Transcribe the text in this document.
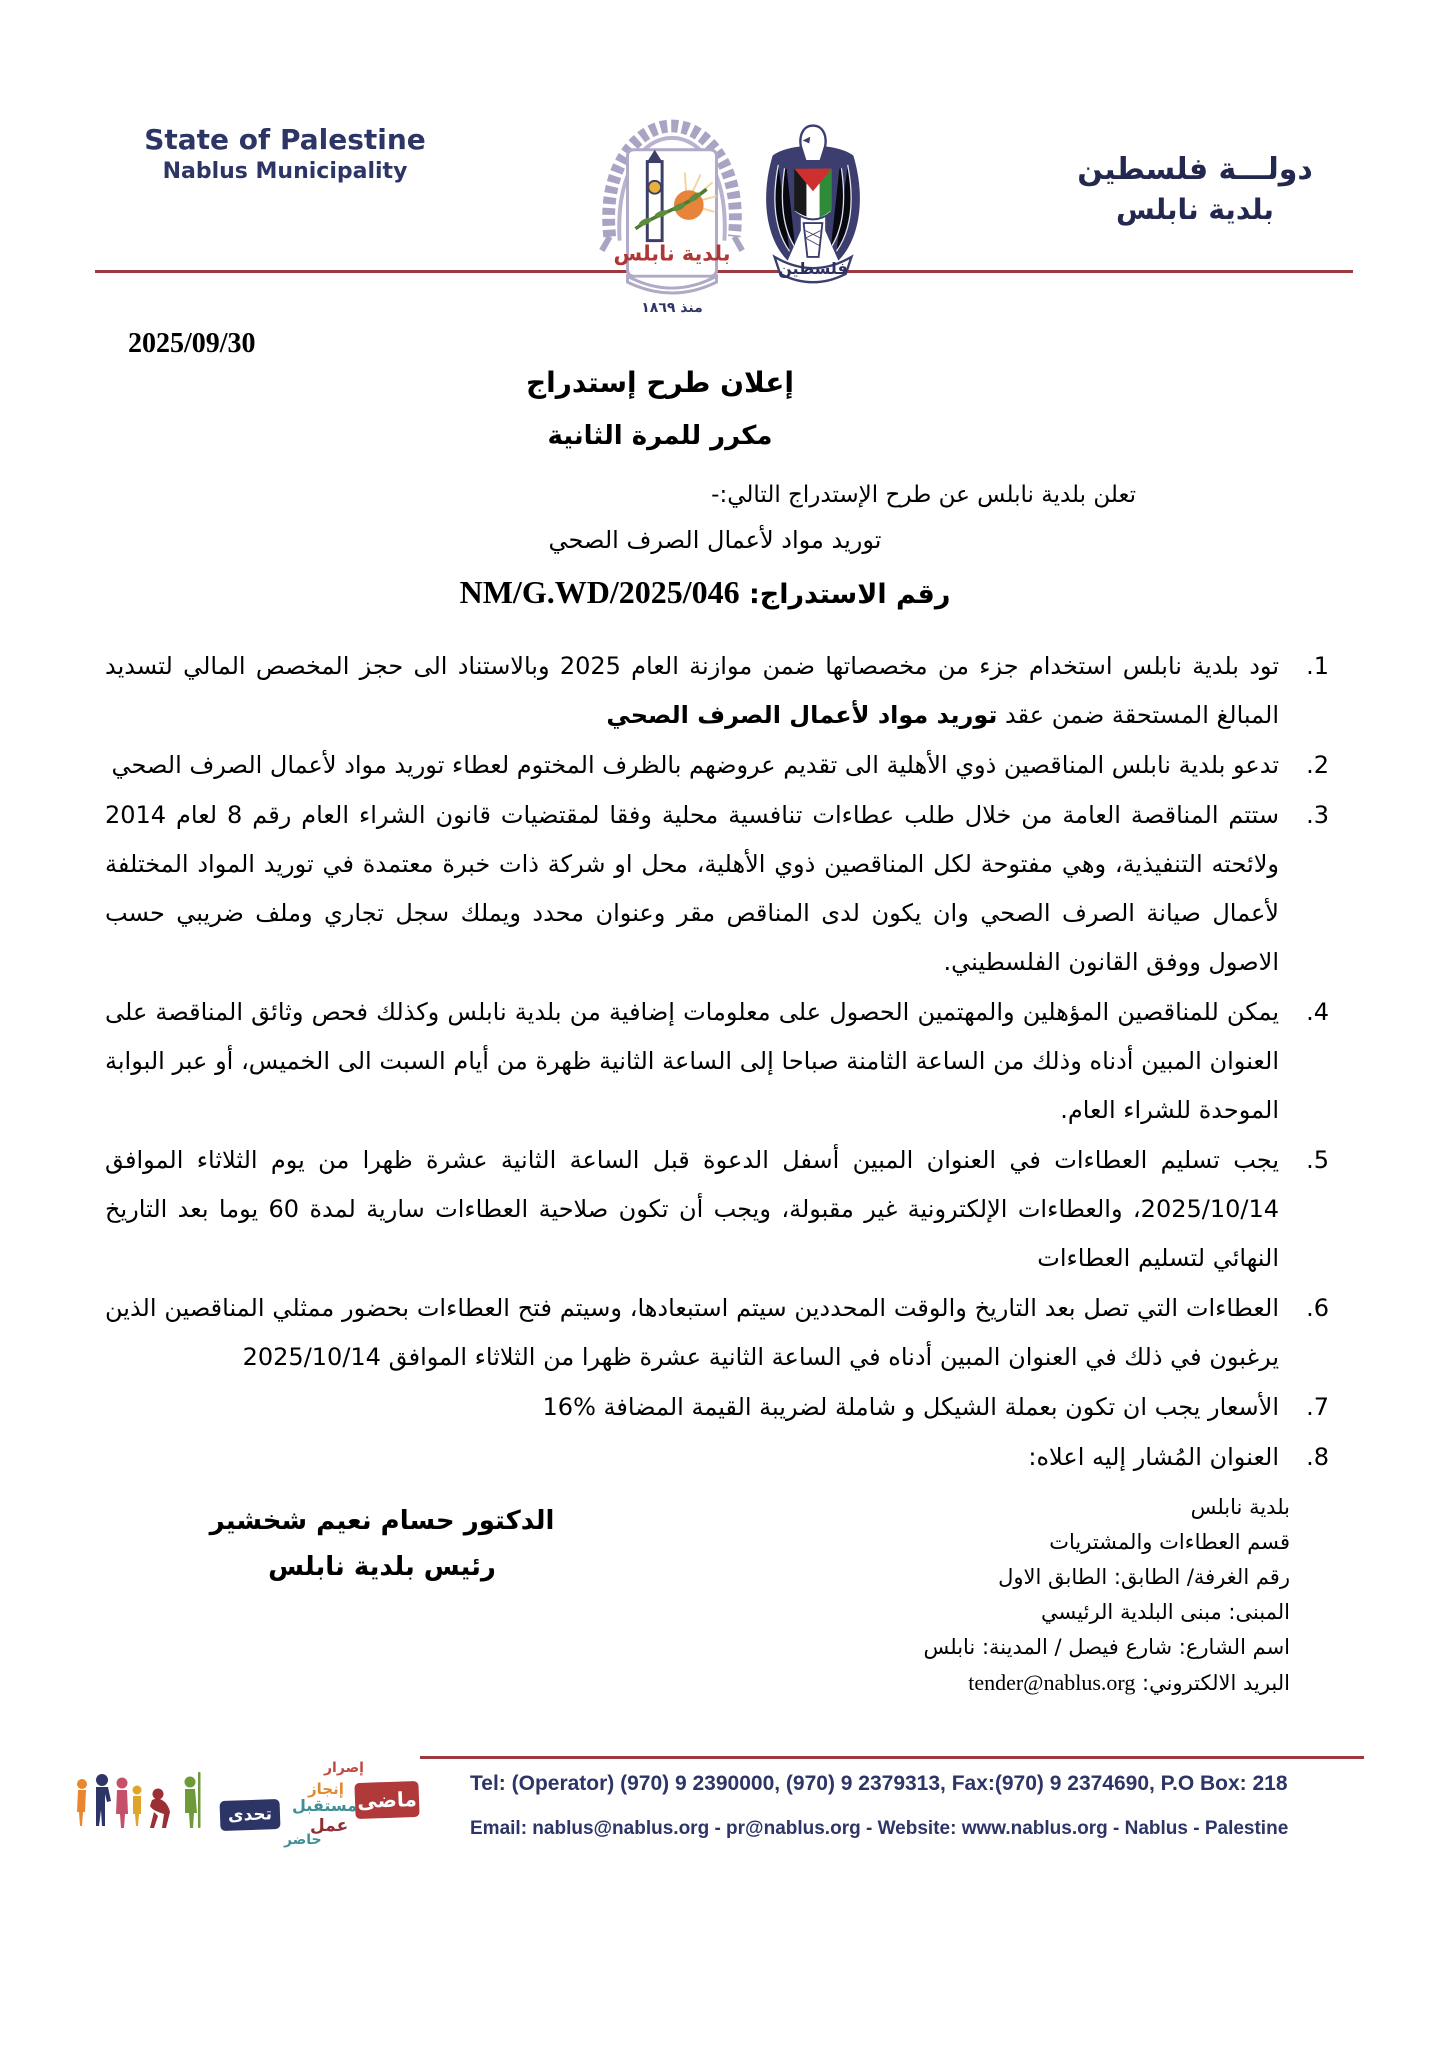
State of Palestine
Nablus Municipality	دولـــة فلسطين
بلدية نابلس
بلدية نابلس
فلسطين
منذ ١٨٦٩
2025/09/30
إعلان طرح إستدراج
مكرر للمرة الثانية
تعلن بلدية نابلس عن طرح الإستدراج التالي:-
توريد مواد لأعمال الصرف الصحي
رقم الاستدراج: NM/G.WD/2025/046

1.
تود بلدية نابلس استخدام جزء من مخصصاتها ضمن موازنة العام 2025 وبالاستناد الى حجز المخصص المالي لتسديد المبالغ المستحقة ضمن عقد توريد مواد لأعمال الصرف الصحي

2.
تدعو بلدية نابلس المناقصين ذوي الأهلية الى تقديم عروضهم بالظرف المختوم لعطاء توريد مواد لأعمال الصرف الصحي

3.
ستتم المناقصة العامة من خلال طلب عطاءات تنافسية محلية وفقا لمقتضيات قانون الشراء العام رقم 8 لعام 2014 ولائحته التنفيذية، وهي مفتوحة لكل المناقصين ذوي الأهلية، محل او شركة ذات خبرة معتمدة في توريد المواد المختلفة لأعمال صيانة الصرف الصحي وان يكون لدى المناقص مقر وعنوان محدد ويملك سجل تجاري وملف ضريبي حسب الاصول ووفق القانون الفلسطيني.

4.
يمكن للمناقصين المؤهلين والمهتمين الحصول على معلومات إضافية من بلدية نابلس وكذلك فحص وثائق المناقصة على العنوان المبين أدناه وذلك من الساعة الثامنة صباحا إلى الساعة الثانية ظهرة من أيام السبت الى الخميس، أو عبر البوابة الموحدة للشراء العام.

5.
يجب تسليم العطاءات في العنوان المبين أسفل الدعوة قبل الساعة الثانية عشرة ظهرا من يوم الثلاثاء الموافق 2025/10/14، والعطاءات الإلكترونية غير مقبولة، ويجب أن تكون صلاحية العطاءات سارية لمدة 60 يوما بعد التاريخ النهائي لتسليم العطاءات

6.
العطاءات التي تصل بعد التاريخ والوقت المحددين سيتم استبعادها، وسيتم فتح العطاءات بحضور ممثلي المناقصين الذين يرغبون في ذلك في العنوان المبين أدناه في الساعة الثانية عشرة ظهرا من الثلاثاء الموافق 2025/10/14

7.
الأسعار يجب ان تكون بعملة الشيكل و شاملة لضريبة القيمة المضافة %16

8.
العنوان المُشار إليه اعلاه:

بلدية نابلس
قسم العطاءات والمشتريات
رقم الغرفة/ الطابق: الطابق الاول
المبنى: مبنى البلدية الرئيسي
اسم الشارع: شارع فيصل / المدينة: نابلس
البريد الالكتروني: tender@nablus.org
الدكتور حسام نعيم شخشير
رئيس بلدية نابلس
Tel: (Operator) (970) 9 2390000, (970) 9 2379313, Fax:(970) 9 2374690, P.O Box: 218
Email: nablus@nablus.org - pr@nablus.org - Website: www.nablus.org - Nablus - Palestine
ماضى
إصرار
إنجاز
مستقبل
عمل
حاضر
تحدى
